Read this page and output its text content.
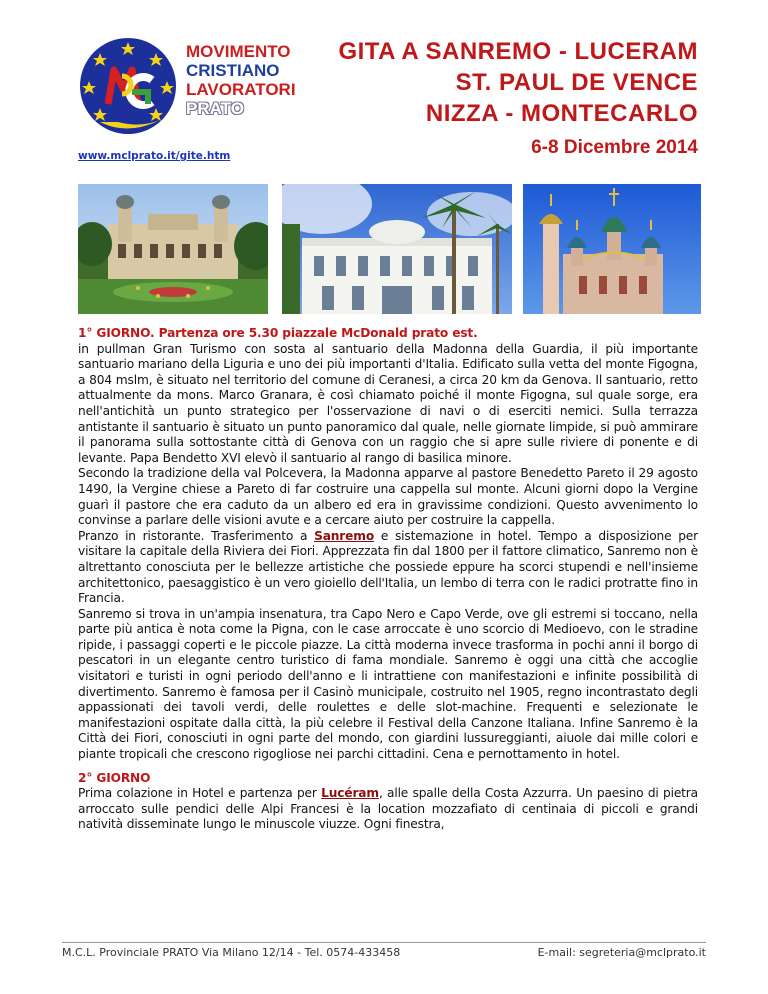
MOVIMENTO
CRISTIANO
LAVORATORI
PRATO
GITA A SANREMO - LUCERAM
ST. PAUL DE VENCE
NIZZA - MONTECARLO
6-8 Dicembre 2014
www.mclprato.it/gite.htm

1° GIORNO. Partenza ore 5.30 piazzale McDonald prato est.

in pullman Gran Turismo con sosta al santuario della Madonna della Guardia, il più importante santuario mariano della Liguria e uno dei più importanti d'Italia. Edificato sulla vetta del monte Figogna, a 804 mslm, è situato nel territorio del comune di Ceranesi, a circa 20 km da Genova. Il santuario, retto attualmente da mons. Marco Granara, è così chiamato poiché il monte Figogna, sul quale sorge, era nell'antichità un punto strategico per l'osservazione di navi o di eserciti nemici. Sulla terrazza antistante il santuario è situato un punto panoramico dal quale, nelle giornate limpide, si può ammirare il panorama sulla sottostante città di Genova con un raggio che si apre sulle riviere di ponente e di levante. Papa Bendetto XVI elevò il santuario al rango di basilica minore.

Secondo la tradizione della val Polcevera, la Madonna apparve al pastore Benedetto Pareto il 29 agosto 1490, la Vergine chiese a Pareto di far costruire una cappella sul monte. Alcuni giorni dopo la Vergine guarì il pastore che era caduto da un albero ed era in gravissime condizioni. Questo avvenimento lo convinse a parlare delle visioni avute e a cercare aiuto per costruire la cappella.

Pranzo in ristorante. Trasferimento a Sanremo e sistemazione in hotel. Tempo a disposizione per visitare la capitale della Riviera dei Fiori. Apprezzata fin dal 1800 per il fattore climatico, Sanremo non è altrettanto conosciuta per le bellezze artistiche che possiede eppure ha scorci stupendi e nell'insieme architettonico, paesaggistico è un vero gioiello dell'Italia, un lembo di terra con le radici protratte fino in Francia.

Sanremo si trova in un'ampia insenatura, tra Capo Nero e Capo Verde, ove gli estremi si toccano, nella parte più antica è nota come la Pigna, con le case arroccate è uno scorcio di Medioevo, con le stradine ripide, i passaggi coperti e le piccole piazze. La città moderna invece trasforma in pochi anni il borgo di pescatori in un elegante centro turistico di fama mondiale. Sanremo è oggi una città che accoglie visitatori e turisti in ogni periodo dell'anno e li intrattiene con manifestazioni e infinite possibilità di divertimento. Sanremo è famosa per il Casinò municipale, costruito nel 1905, regno incontrastato degli appassionati dei tavoli verdi, delle roulettes e delle slot-machine. Frequenti e selezionate le manifestazioni ospitate dalla città, la più celebre il Festival della Canzone Italiana. Infine Sanremo è la Città dei Fiori, conosciuti in ogni parte del mondo, con giardini lussureggianti, aiuole dai mille colori e piante tropicali che crescono rigogliose nei parchi cittadini. Cena e pernottamento in hotel.

2° GIORNO

Prima colazione in Hotel e partenza per Lucéram, alle spalle della Costa Azzurra. Un paesino di pietra arroccato sulle pendici delle Alpi Francesi è la location mozzafiato di centinaia di piccoli e grandi natività disseminate lungo le minuscole viuzze. Ogni finestra,

M.C.L. Provinciale PRATO Via Milano 12/14 - Tel. 0574-433458	E-mail: segreteria@mclprato.it
